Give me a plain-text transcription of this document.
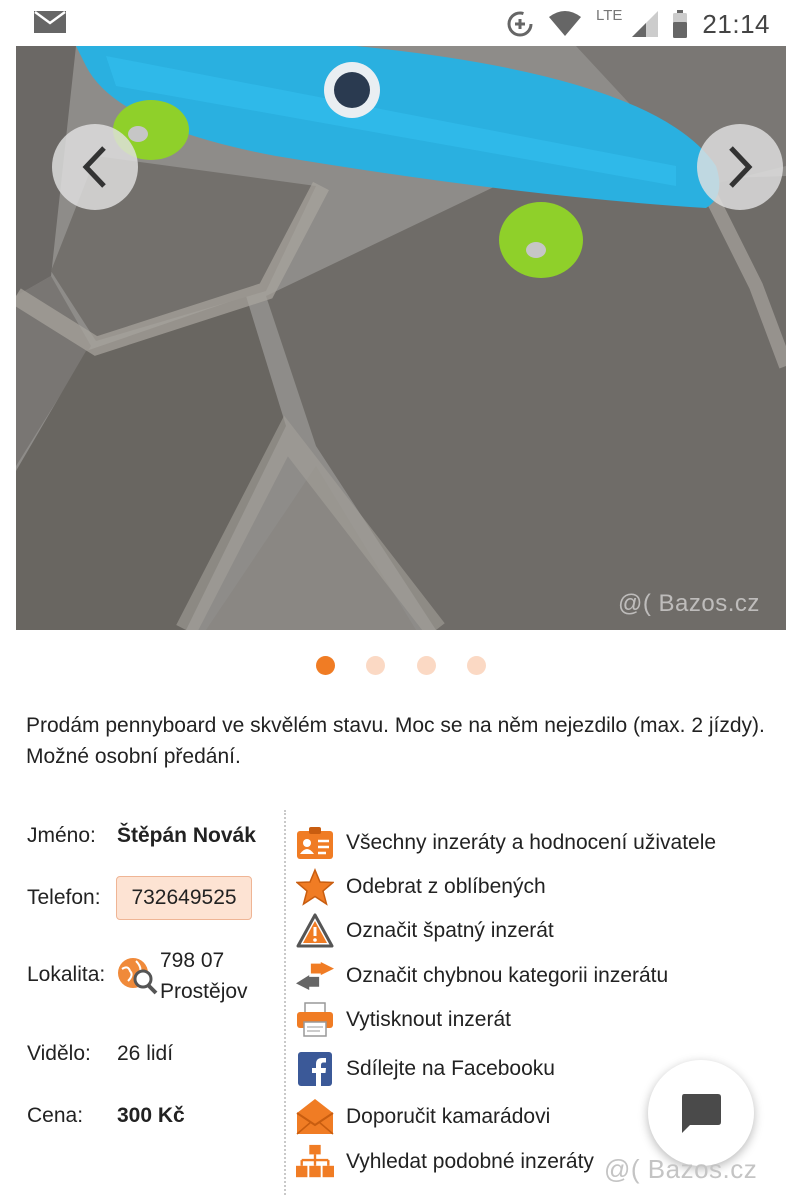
LTE	21:14
@( Bazos.cz
Prodám pennyboard ve skvělém stavu. Moc se na něm nejezdilo (max. 2 jízdy). Možné osobní předání.
Jméno: Štěpán Novák
Telefon:	732649525
Lokalita:
798 07
Prostějov
Vidělo: 26 lidí
Cena: 300 Kč
Všechny inzeráty a hodnocení uživatele
Odebrat z oblíbených
Označit špatný inzerát
Označit chybnou kategorii inzerátu
Vytisknout inzerát
Sdílejte na Facebooku
Doporučit kamarádovi
Vyhledat podobné inzeráty @( Bazos.cz
